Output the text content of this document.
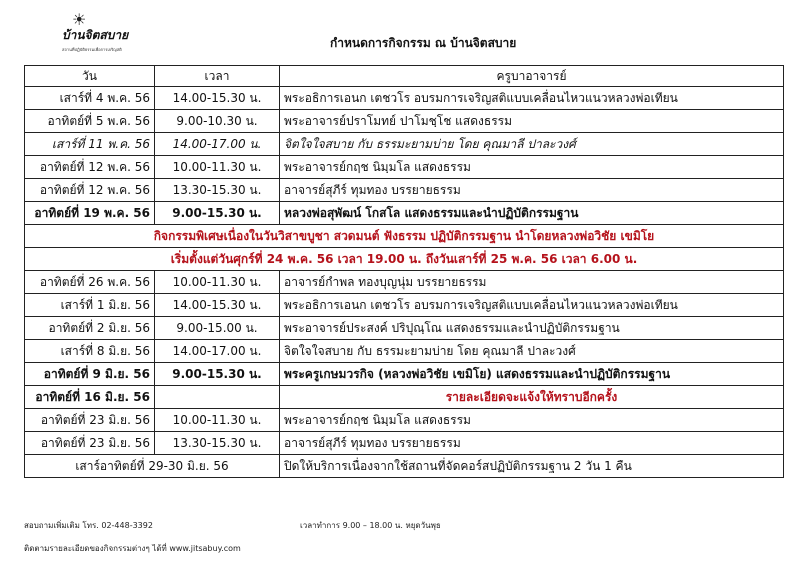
☀
บ้านจิตสบาย
สถานที่ปฏิบัติธรรมเพื่อการเจริญสติ	กำหนดการกิจกรรม ณ บ้านจิตสบาย
วัน	เวลา	ครูบาอาจารย์
เสาร์ที่ 4 พ.ค. 56	14.00-15.30 น.	พระอธิการเอนก เตชวโร อบรมการเจริญสติแบบเคลื่อนไหวแนวหลวงพ่อเทียน
อาทิตย์ที่ 5 พ.ค. 56	9.00-10.30 น.	พระอาจารย์ปราโมทย์ ปาโมชฺโช แสดงธรรม
เสาร์ที่ 11 พ.ค. 56	14.00-17.00 น.	จิตใจใจสบาย กับ ธรรมะยามบ่าย โดย คุณมาลี ปาละวงศ์
อาทิตย์ที่ 12 พ.ค. 56	10.00-11.30 น.	พระอาจารย์กฤช นิมฺมโล แสดงธรรม
อาทิตย์ที่ 12 พ.ค. 56	13.30-15.30 น.	อาจารย์สุภีร์ ทุมทอง บรรยายธรรม
อาทิตย์ที่ 19 พ.ค. 56	9.00-15.30 น.	หลวงพ่อสุพัฒน์ โกสโล แสดงธรรมและนำปฏิบัติกรรมฐาน
กิจกรรมพิเศษเนื่องในวันวิสาขบูชา สวดมนต์ ฟังธรรม ปฏิบัติกรรมฐาน นำโดยหลวงพ่อวิชัย เขมิโย		
เริ่มตั้งแต่วันศุกร์ที่ 24 พ.ค. 56 เวลา 19.00 น. ถึงวันเสาร์ที่ 25 พ.ค. 56 เวลา 6.00 น.		
อาทิตย์ที่ 26 พ.ค. 56	10.00-11.30 น.	อาจารย์กำพล ทองบุญนุ่ม บรรยายธรรม
เสาร์ที่ 1 มิ.ย. 56	14.00-15.30 น.	พระอธิการเอนก เตชวโร อบรมการเจริญสติแบบเคลื่อนไหวแนวหลวงพ่อเทียน
อาทิตย์ที่ 2 มิ.ย. 56	9.00-15.00 น.	พระอาจารย์ประสงค์ ปริปุณฺโณ แสดงธรรมและนำปฏิบัติกรรมฐาน
เสาร์ที่ 8 มิ.ย. 56	14.00-17.00 น.	จิตใจใจสบาย กับ ธรรมะยามบ่าย โดย คุณมาลี ปาละวงศ์
อาทิตย์ที่ 9 มิ.ย. 56	9.00-15.30 น.	พระครูเกษมวรกิจ (หลวงพ่อวิชัย เขมิโย) แสดงธรรมและนำปฏิบัติกรรมฐาน
อาทิตย์ที่ 16 มิ.ย. 56		รายละเอียดจะแจ้งให้ทราบอีกครั้ง
อาทิตย์ที่ 23 มิ.ย. 56	10.00-11.30 น.	พระอาจารย์กฤช นิมฺมโล แสดงธรรม
อาทิตย์ที่ 23 มิ.ย. 56	13.30-15.30 น.	อาจารย์สุภีร์ ทุมทอง บรรยายธรรม
เสาร์อาทิตย์ที่ 29-30 มิ.ย. 56		ปิดให้บริการเนื่องจากใช้สถานที่จัดคอร์สปฏิบัติกรรมฐาน 2 วัน 1 คืน
สอบถามเพิ่มเติม โทร. 02-448-3392	เวลาทำการ 9.00 – 18.00 น. หยุดวันพุธ
ติดตามรายละเอียดของกิจกรรมต่างๆ ได้ที่ www.jitsabuy.com
